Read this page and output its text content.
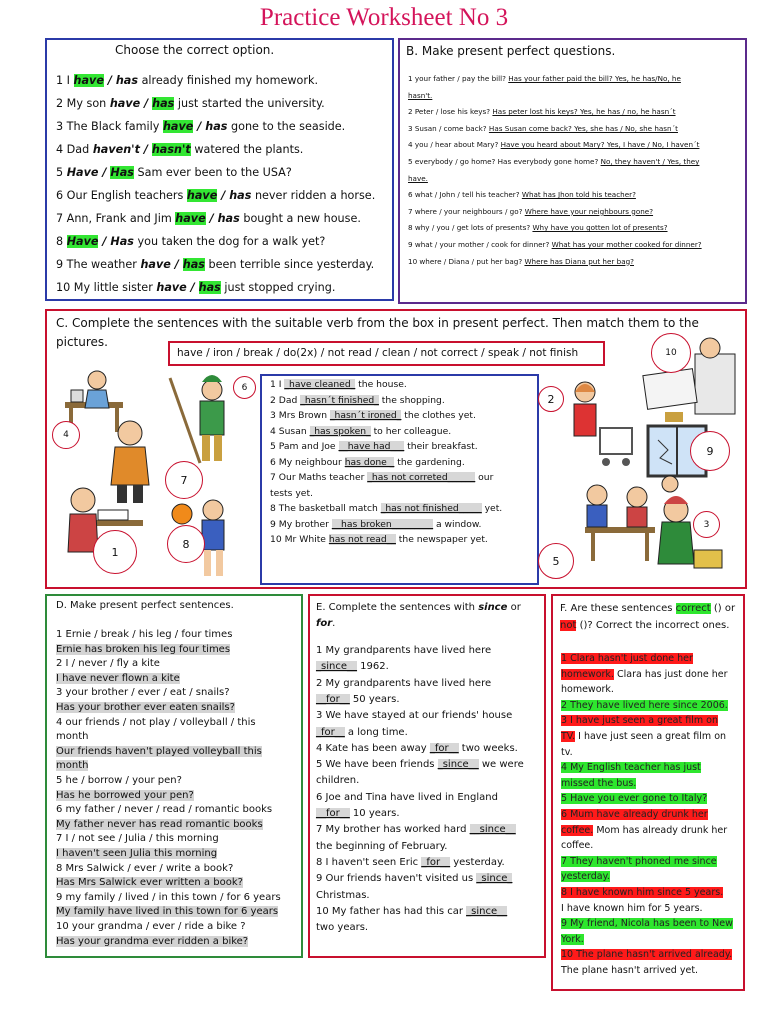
Practice Worksheet No 3
Choose the correct option.
1 I have / has already finished my homework.
2 My son have / has just started the university.
3 The Black family have / has gone to the seaside.
4 Dad haven't / hasn't watered the plants.
5 Have / Has Sam ever been to the USA?
6 Our English teachers have / has never ridden a horse.
7 Ann, Frank and Jim have / has bought a new house.
8 Have / Has you taken the dog for a walk yet?
9 The weather have / has been terrible since yesterday.
10 My little sister have / has just stopped crying.
B. Make present perfect questions.
1 your father / pay the bill? Has your father paid the bill? Yes, he has/No, he
hasn't.
2 Peter / lose his keys? Has peter lost his keys? Yes, he has / no, he hasn´t
3 Susan / come back? Has Susan come back? Yes, she has / No, she hasn´t
4 you / hear about Mary? Have you heard about Mary? Yes, I have / No, I haven´t
5 everybody / go home? Has everybody gone home? No, they haven't / Yes, they
have.
6 what / John / tell his teacher? What has Jhon told his teacher?
7 where / your neighbours / go? Where have your neighbours gone?
8 why / you / get lots of presents? Why have you gotten lot of presents?
9 what / your mother / cook for dinner? What has your mother cooked for dinner?
10 where / Diana / put her bag? Where has Diana put her bag?
C. Complete the sentences with the suitable verb from the box in present perfect. Then match them to the pictures.
have / iron / break / do(2x) / not read / clean / not correct / speak / not finish
1 I _have cleaned_ the house.
2 Dad _hasn´t finished_ the shopping.
3 Mrs Brown _hasn´t ironed_ the clothes yet.
4 Susan _has spoken_ to her colleague.
5 Pam and Joe __have had___ their breakfast.
6 My neighbour has done _ the gardening.
7 Our Maths teacher _has not correted______ our
tests yet.
8 The basketball match _has not finished_____ yet.
9 My brother __has broken_________ a window.
10 Mr White has not read__ the newspaper yet.
1
2
3
4
5
6
7
8
9
10
D. Make present perfect sentences.
1 Ernie / break / his leg / four times
Ernie has broken his leg four times
2 I / never / fly a kite
I have never flown a kite
3 your brother / ever / eat / snails?
Has your brother ever eaten snails?
4 our friends / not play / volleyball / this
month
Our friends haven't played volleyball this
month
5 he / borrow / your pen?
Has he borrowed your pen?
6 my father / never / read / romantic books
My father never has read romantic books
7 I / not see / Julia / this morning
I haven't seen Julia this morning
8 Mrs Salwick / ever / write a book?
Has Mrs Salwick ever written a book?
9 my family / lived / in this town / for 6 years
My family have lived in this town for 6 years
10 your grandma / ever / ride a bike ?
Has your grandma ever ridden a bike?
E. Complete the sentences with since or for.
1 My grandparents have lived here
_since__ 1962.
2 My grandparents have lived here
__for__ 50 years.
3 We have stayed at our friends' house
_for__ a long time.
4 Kate has been away _for__ two weeks.
5 We have been friends _since__ we were
children.
6 Joe and Tina have lived in England
__for__ 10 years.
7 My brother has worked hard __since__
the beginning of February.
8 I haven't seen Eric _for__ yesterday.
9 Our friends haven't visited us _since_
Christmas.
10 My father has had this car _since__
two years.
F. Are these sentences correct () or not ()? Correct the incorrect ones.
1 Clara hasn't just done her
homework. Clara has just done her
homework.
2 They have lived here since 2006.
3 I have just seen a great film on
TV. I have just seen a great film on
tv.
4 My English teacher has just
missed the bus.
5 Have you ever gone to Italy?
6 Mum have already drunk her
coffee. Mom has already drunk her
coffee.
7 They haven't phoned me since
yesterday.
8 I have known him since 5 years.
I have known him for 5 years.
9 My friend, Nicola has been to New
York.
10 The plane hasn't arrived already.
The plane hasn't arrived yet.
